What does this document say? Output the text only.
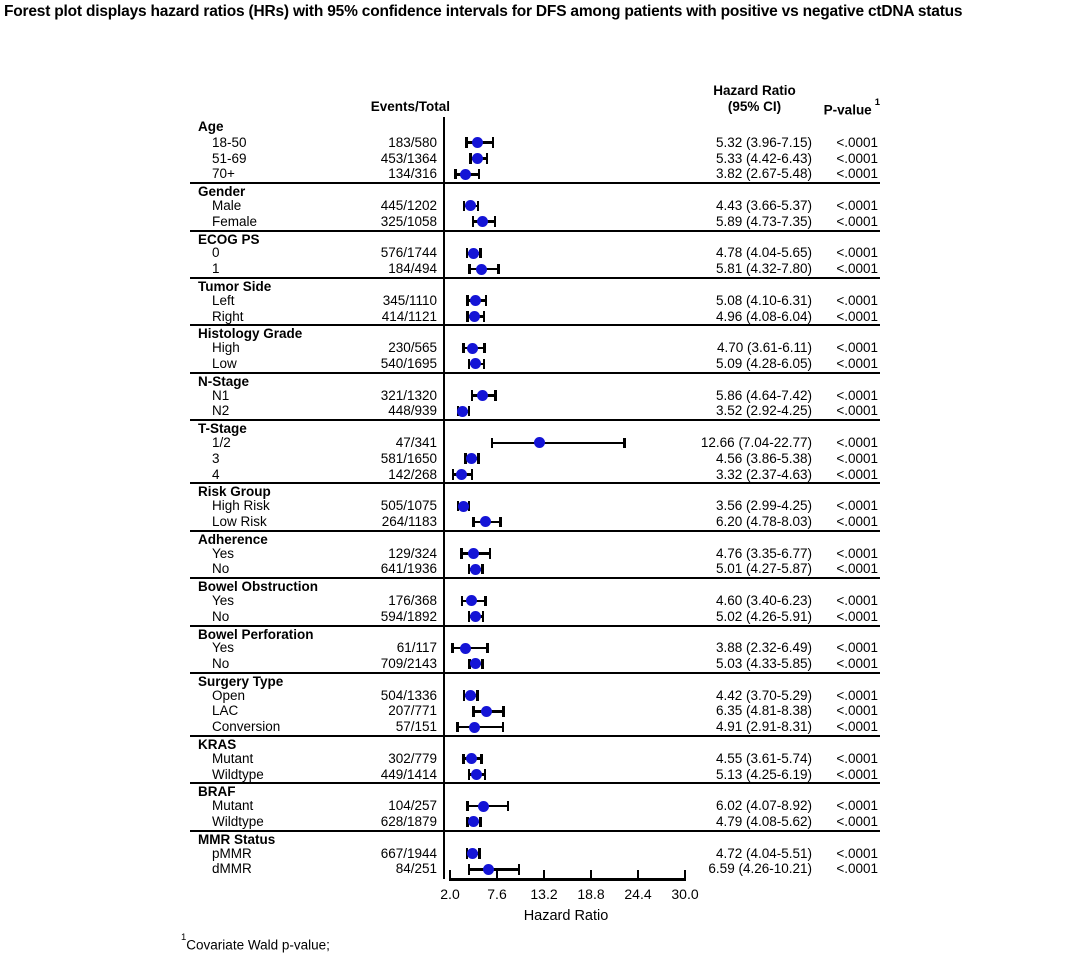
Forest plot displays hazard ratios (HRs) with 95% confidence intervals for DFS among patients with positive vs negative ctDNA status
Events/Total
Hazard Ratio
(95% CI)	P-value$^1$
Age
18-50	183/580	5.32 (3.96-7.15)	<.0001
51-69	453/1364	5.33 (4.42-6.43)	<.0001
70+	134/316	3.82 (2.67-5.48)	<.0001
Gender
Male	445/1202	4.43 (3.66-5.37)	<.0001
Female	325/1058	5.89 (4.73-7.35)	<.0001
ECOG PS
0	576/1744	4.78 (4.04-5.65)	<.0001
1	184/494	5.81 (4.32-7.80)	<.0001
Tumor Side
Left	345/1110	5.08 (4.10-6.31)	<.0001
Right	414/1121	4.96 (4.08-6.04)	<.0001
Histology Grade
High	230/565	4.70 (3.61-6.11)	<.0001
Low	540/1695	5.09 (4.28-6.05)	<.0001
N-Stage
N1	321/1320	5.86 (4.64-7.42)	<.0001
N2	448/939	3.52 (2.92-4.25)	<.0001
T-Stage
1/2	47/341	12.66 (7.04-22.77)	<.0001
3	581/1650	4.56 (3.86-5.38)	<.0001
4	142/268	3.32 (2.37-4.63)	<.0001
Risk Group
High Risk	505/1075	3.56 (2.99-4.25)	<.0001
Low Risk	264/1183	6.20 (4.78-8.03)	<.0001
Adherence
Yes	129/324	4.76 (3.35-6.77)	<.0001
No	641/1936	5.01 (4.27-5.87)	<.0001
Bowel Obstruction
Yes	176/368	4.60 (3.40-6.23)	<.0001
No	594/1892	5.02 (4.26-5.91)	<.0001
Bowel Perforation
Yes	61/117	3.88 (2.32-6.49)	<.0001
No	709/2143	5.03 (4.33-5.85)	<.0001
Surgery Type
Open	504/1336	4.42 (3.70-5.29)	<.0001
LAC	207/771	6.35 (4.81-8.38)	<.0001
Conversion	57/151	4.91 (2.91-8.31)	<.0001
KRAS
Mutant	302/779	4.55 (3.61-5.74)	<.0001
Wildtype	449/1414	5.13 (4.25-6.19)	<.0001
BRAF
Mutant	104/257	6.02 (4.07-8.92)	<.0001
Wildtype	628/1879	4.79 (4.08-5.62)	<.0001
MMR Status
pMMR	667/1944	4.72 (4.04-5.51)	<.0001
dMMR	84/251	6.59 (4.26-10.21)	<.0001
Hazard Ratio
$^1$Covariate Wald p-value;
2.0	7.6	13.2	18.8	24.4	30.0
